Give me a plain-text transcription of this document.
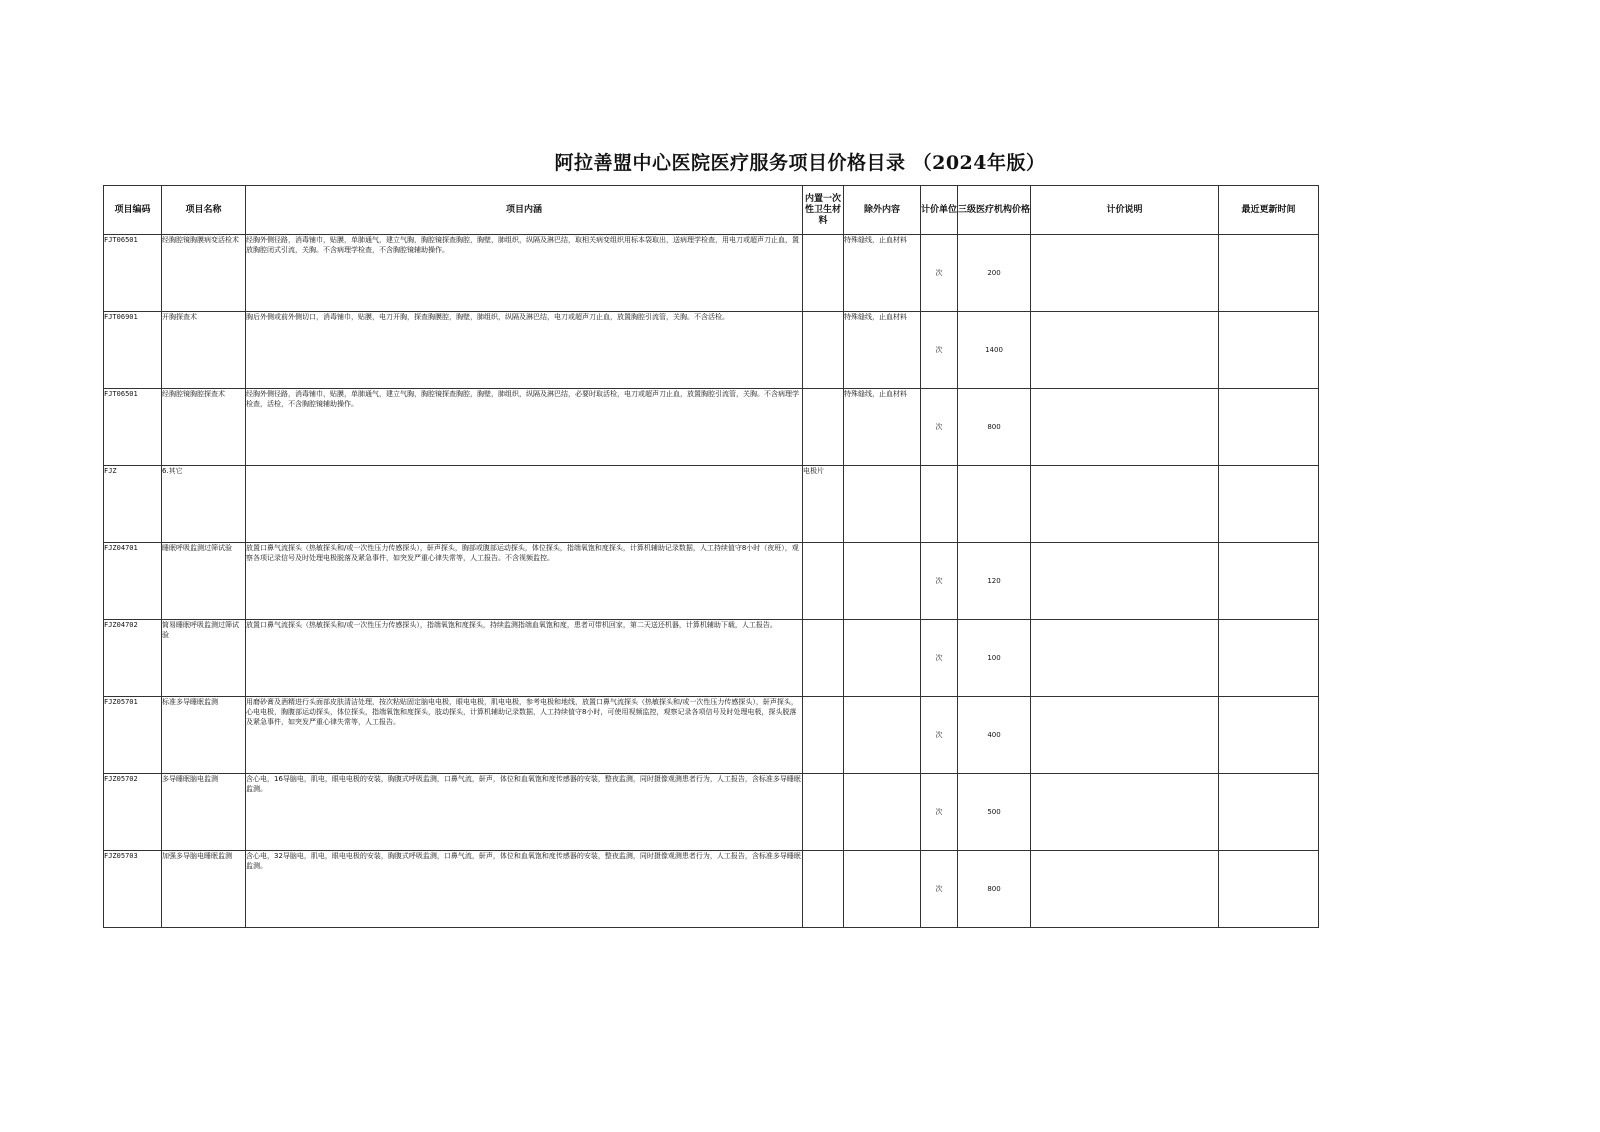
阿拉善盟中心医院医疗服务项目价格目录 （2024年版）
项目编码	项目名称	项目内涵	内置一次性卫生材料	除外内容	计价单位	三级医疗机构价格	计价说明	最近更新时间
FJT06501	经胸腔镜胸膜病变活检术	经胸外侧径路，消毒铺巾，贴膜，单肺通气，建立气胸，胸腔镜探查胸腔，胸壁，肺组织，纵隔及淋巴结，取相关病变组织用标本袋取出，送病理学检查，用电刀或超声刀止血，置放胸腔闭式引流，关胸。不含病理学检查，不含胸腔镜辅助操作。		特殊缝线，止血材料	次	200		
FJT06901	开胸探查术	胸后外侧或前外侧切口，消毒铺巾，贴膜，电刀开胸，探查胸膜腔，胸壁，肺组织，纵隔及淋巴结，电刀或超声刀止血，放置胸腔引流管，关胸。不含活检。		特殊缝线，止血材料	次	1400		
FJT06501	经胸腔镜胸腔探查术	经胸外侧径路，消毒铺巾，贴膜，单肺通气，建立气胸，胸腔镜探查胸腔，胸壁，肺组织，纵隔及淋巴结，必要时取活检，电刀或超声刀止血，放置胸腔引流管，关胸。不含病理学检查，活检，不含胸腔镜辅助操作。		特殊缝线，止血材料	次	800		
FJZ	6.其它		电极片					
FJZ04701	睡眠呼吸监测过筛试验	放置口鼻气流探头（热敏探头和/或一次性压力传感探头），鼾声探头，胸部或腹部运动探头，体位探头，指端氧饱和度探头，计算机辅助记录数据，人工持续值守8小时（夜班），观察各项记录信号及时处理电极脱落及紧急事件，如突发严重心律失常等，人工报告。不含视频监控。			次	120		
FJZ04702	简易睡眠呼吸监测过筛试验	放置口鼻气流探头（热敏探头和/或一次性压力传感探头），指端氧饱和度探头，持续监测指端血氧饱和度，患者可带机回家，第二天送还机器，计算机辅助下载，人工报告。			次	100		
FJZ05701	标准多导睡眠监测	用磨砂膏及酒精进行头面部皮肤清洁处理，按次粘贴固定脑电电极，眼电电极，肌电电极，参考电极和地线，放置口鼻气流探头（热敏探头和/或一次性压力传感探头），鼾声探头，心电电极，胸腹部运动探头，体位探头，指端氧饱和度探头，肢动探头，计算机辅助记录数据，人工持续值守8小时，可使用视频监控，观察记录各项信号及时处理电极，探头脱落及紧急事件，如突发严重心律失常等，人工报告。			次	400		
FJZ05702	多导睡眠脑电监测	含心电，16导脑电，肌电，眼电电极的安装，胸腹式呼吸监测，口鼻气流，鼾声，体位和血氧饱和度传感器的安装，整夜监测，同时摄像观测患者行为，人工报告，含标准多导睡眠监测。			次	500		
FJZ05703	加强多导脑电睡眠监测	含心电，32导脑电，肌电，眼电电极的安装，胸腹式呼吸监测，口鼻气流，鼾声，体位和血氧饱和度传感器的安装，整夜监测，同时摄像观测患者行为，人工报告，含标准多导睡眠监测。			次	800		
